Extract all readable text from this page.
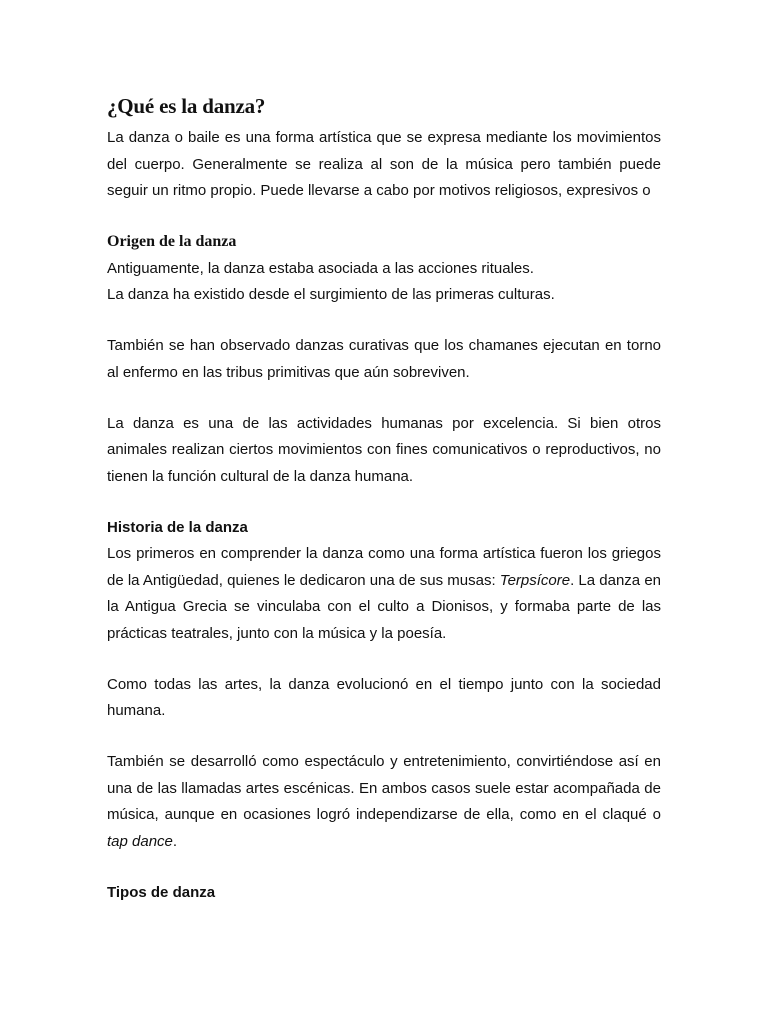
¿Qué es la danza?

La danza o baile es una forma artística que se expresa mediante los movimientos del cuerpo. Generalmente se realiza al son de la música pero también puede seguir un ritmo propio. Puede llevarse a cabo por motivos religiosos, expresivos o

Origen de la danza

Antiguamente, la danza estaba asociada a las acciones rituales.

La danza ha existido desde el surgimiento de las primeras culturas.

También se han observado danzas curativas que los chamanes ejecutan en torno al enfermo en las tribus primitivas que aún sobreviven.

La danza es una de las actividades humanas por excelencia. Si bien otros animales realizan ciertos movimientos con fines comunicativos o reproductivos, no tienen la función cultural de la danza humana.

Historia de la danza

Los primeros en comprender la danza como una forma artística fueron los griegos de la Antigüedad, quienes le dedicaron una de sus musas: Terpsícore. La danza en la Antigua Grecia se vinculaba con el culto a Dionisos, y formaba parte de las prácticas teatrales, junto con la música y la poesía.

Como todas las artes, la danza evolucionó en el tiempo junto con la sociedad humana.

También se desarrolló como espectáculo y entretenimiento, convirtiéndose así en una de las llamadas artes escénicas. En ambos casos suele estar acompañada de música, aunque en ocasiones logró independizarse de ella, como en el claqué o tap dance.

Tipos de danza
